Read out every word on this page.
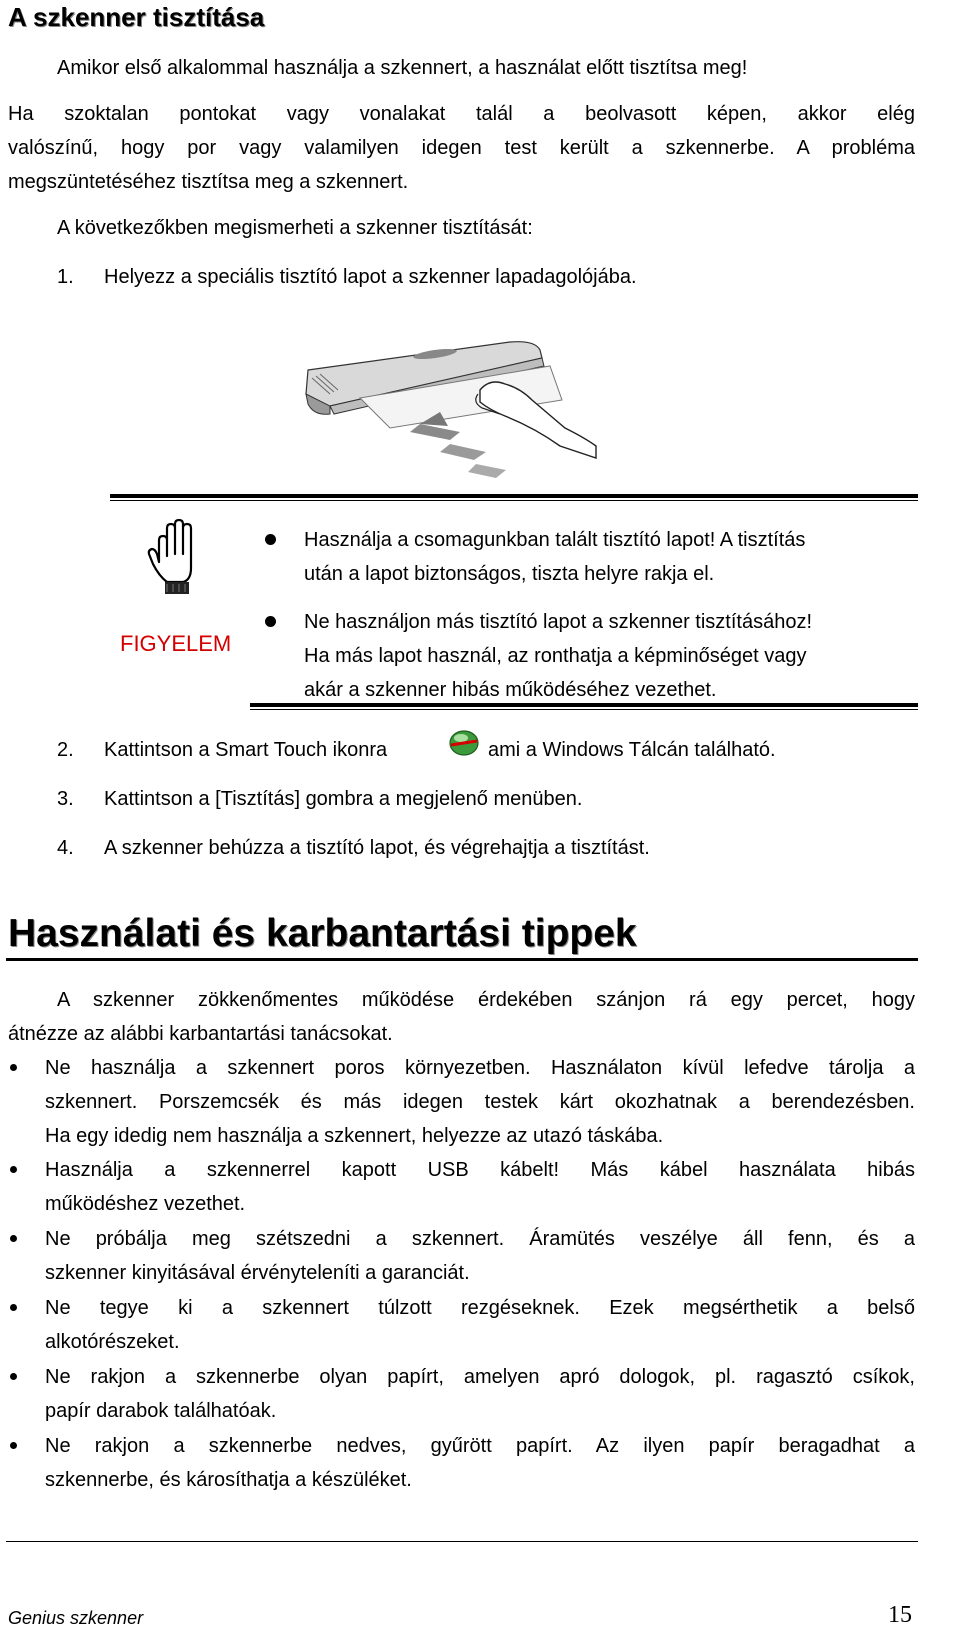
A szkenner tisztítása
Amikor első alkalommal használja a szkennert, a használat előtt tisztítsa meg!
Ha szoktalan pontokat vagy vonalakat talál a beolvasott képen, akkor elég
valószínű, hogy por vagy valamilyen idegen test került a szkennerbe. A probléma
megszüntetéséhez tisztítsa meg a szkennert.
A következőkben megismerheti a szkenner tisztítását:
1. Helyezz a speciális tisztító lapot a szkenner lapadagolójába.
FIGYELEM
Használja a csomagunkban talált tisztító lapot! A tisztítás
után a lapot biztonságos, tiszta helyre rakja el.
Ne használjon más tisztító lapot a szkenner tisztításához!
Ha más lapot használ, az ronthatja a képminőséget vagy
akár a szkenner hibás működéséhez vezethet.
2. Kattintson a Smart Touch ikonra	ami a Windows Tálcán található.
3. Kattintson a [Tisztítás] gombra a megjelenő menüben.
4. A szkenner behúzza a tisztító lapot, és végrehajtja a tisztítást.
Használati és karbantartási tippek
A szkenner zökkenőmentes működése érdekében szánjon rá egy percet, hogy
átnézze az alábbi karbantartási tanácsokat.
Ne használja a szkennert poros környezetben. Használaton kívül lefedve tárolja a
szkennert. Porszemcsék és más idegen testek kárt okozhatnak a berendezésben.
Ha egy idedig nem használja a szkennert, helyezze az utazó táskába.
Használja a szkennerrel kapott USB kábelt! Más kábel használata hibás
működéshez vezethet.
Ne próbálja meg szétszedni a szkennert. Áramütés veszélye áll fenn, és a
szkenner kinyitásával érvényteleníti a garanciát.
Ne tegye ki a szkennert túlzott rezgéseknek. Ezek megsérthetik a belső
alkotórészeket.
Ne rakjon a szkennerbe olyan papírt, amelyen apró dologok, pl. ragasztó csíkok,
papír darabok találhatóak.
Ne rakjon a szkennerbe nedves, gyűrött papírt. Az ilyen papír beragadhat a
szkennerbe, és károsíthatja a készüléket.
Genius szkenner	15
